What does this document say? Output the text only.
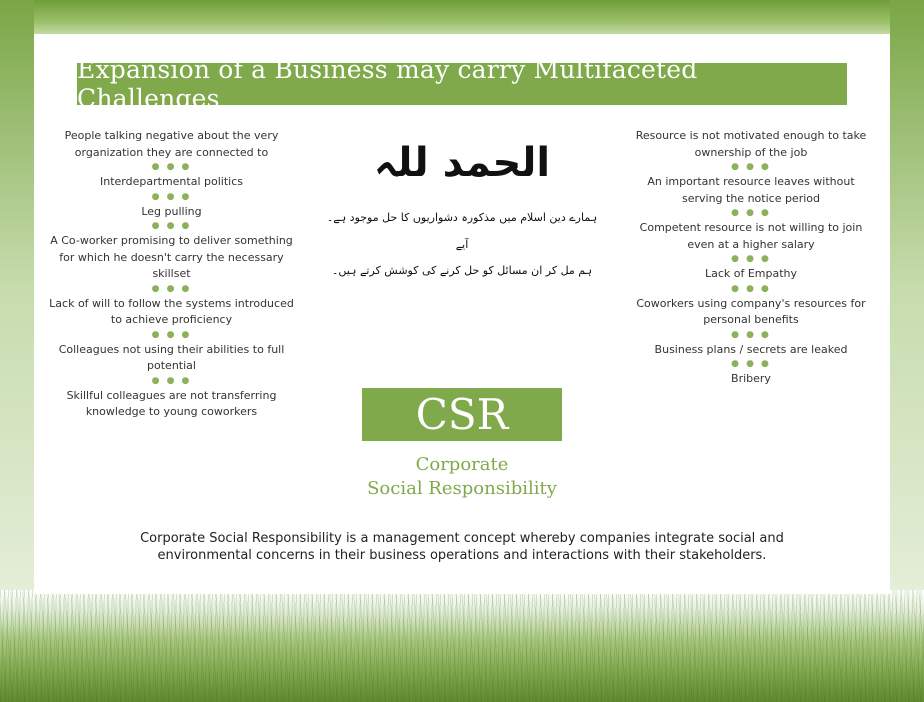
Expansion of a Business may carry Multifaceted Challenges
People talking negative about the very organization they are connected to
● ● ●
Interdepartmental politics
● ● ●
Leg pulling
● ● ●
A Co-worker promising to deliver something for which he doesn't carry the necessary skillset
● ● ●
Lack of will to follow the systems introduced to achieve proficiency
● ● ●
Colleagues not using their abilities to full potential
● ● ●
Skillful colleagues are not transferring knowledge to young coworkers
Resource is not motivated enough to take ownership of the job
● ● ●
An important resource leaves without serving the notice period
● ● ●
Competent resource is not willing to join even at a higher salary
● ● ●
Lack of Empathy
● ● ●
Coworkers using company's resources for personal benefits
● ● ●
Business plans / secrets are leaked
● ● ●
Bribery
الحمد للہ
ہمارے دین اسلام میں مذکورہ دشواریوں کا حل موجود ہے۔
آیے
ہم مل کر ان مسائل کو حل کرنے کی کوشش کرتے ہیں۔
CSR
Corporate
Social Responsibility
Corporate Social Responsibility is a management concept whereby companies integrate social and environmental concerns in their business operations and interactions with their stakeholders.
